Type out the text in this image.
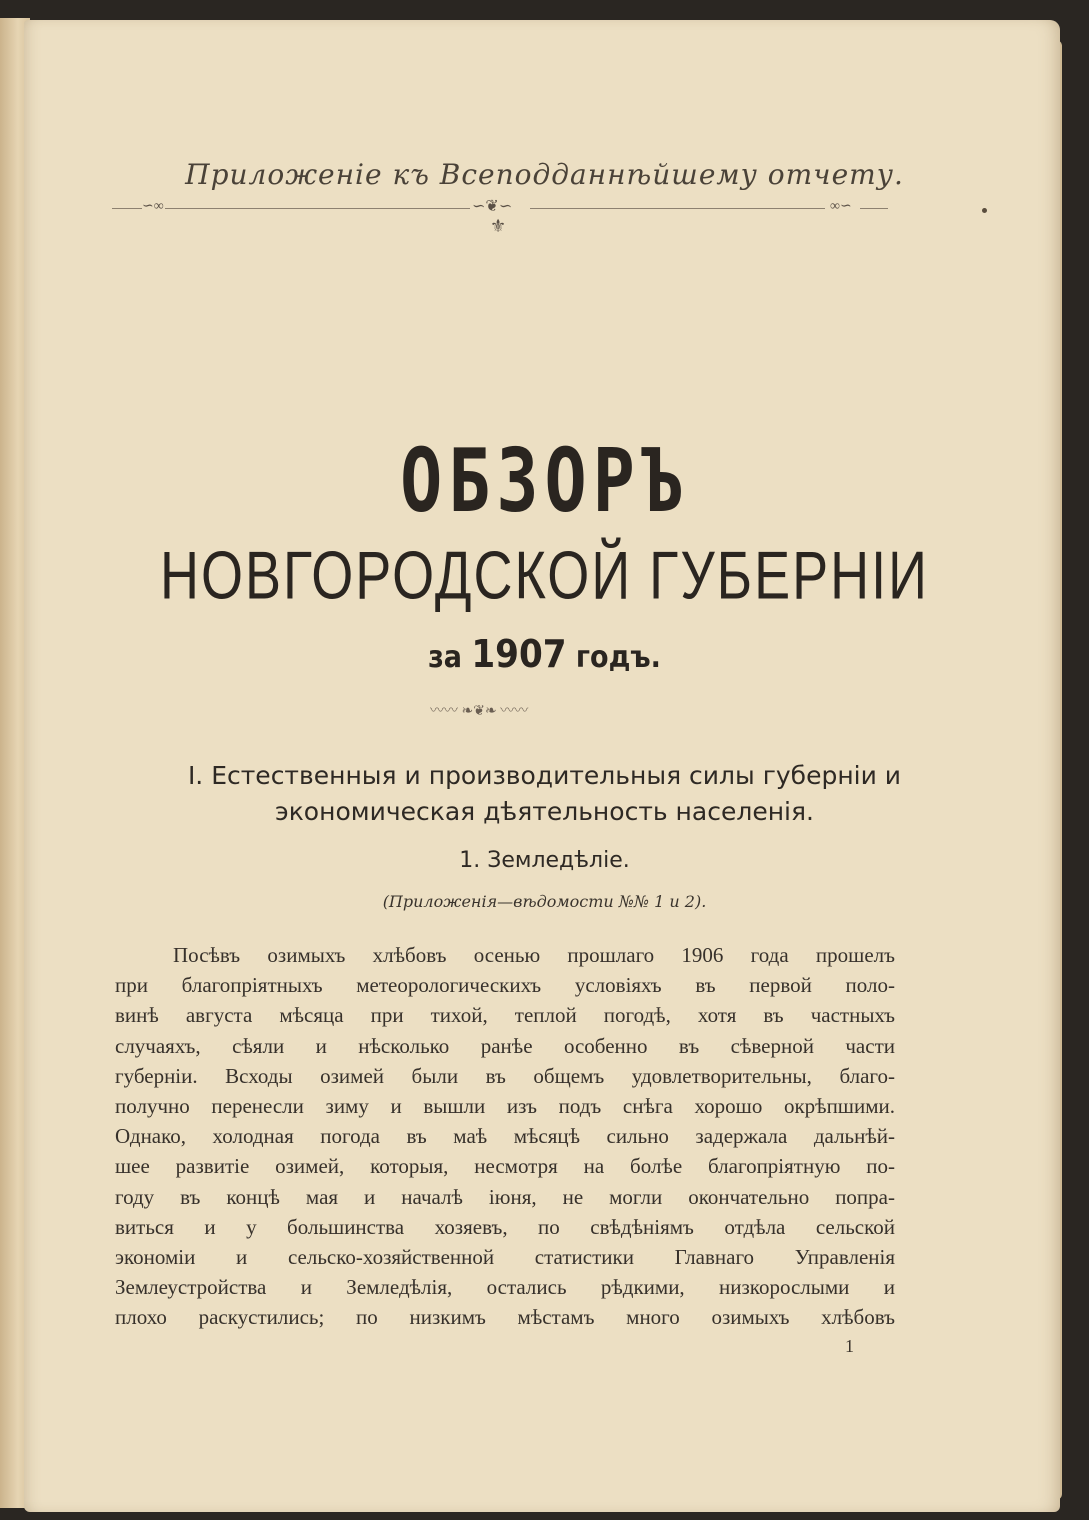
Приложенiе къ Всеподданнѣйшему отчету.
∽∞	∞∽
∽❦∽
⚜
ОБЗОРЪ
НОВГОРОДСКОЙ ГУБЕРНIИ
за 1907 годъ.
〰〰 ❧❦❧ 〰〰
I. Естественныя и производительныя силы губернiи и
экономическая дѣятельность населенiя.
1. Земледѣлiе.
(Приложенiя—вѣдомости №№ 1 и 2).
Посѣвъ озимыхъ хлѣбовъ осенью прошлаго 1906 года прошелъ
при благопрiятныхъ метеорологическихъ условiяхъ въ первой поло-
винѣ августа мѣсяца при тихой, теплой погодѣ, хотя въ частныхъ
случаяхъ, сѣяли и нѣсколько ранѣе особенно въ сѣверной части
губернiи. Всходы озимей были въ общемъ удовлетворительны, благо-
получно перенесли зиму и вышли изъ подъ снѣга хорошо окрѣпшими.
Однако, холодная погода въ маѣ мѣсяцѣ сильно задержала дальнѣй-
шее развитiе озимей, которыя, несмотря на болѣе благопрiятную по-
году въ концѣ мая и началѣ iюня, не могли окончательно попра-
виться и у большинства хозяевъ, по свѣдѣнiямъ отдѣла сельской
экономiи и сельско-хозяйственной статистики Главнаго Управленiя
Землеустройства и Земледѣлiя, остались рѣдкими, низкорослыми и
плохо раскустились; по низкимъ мѣстамъ много озимыхъ хлѣбовъ
1
